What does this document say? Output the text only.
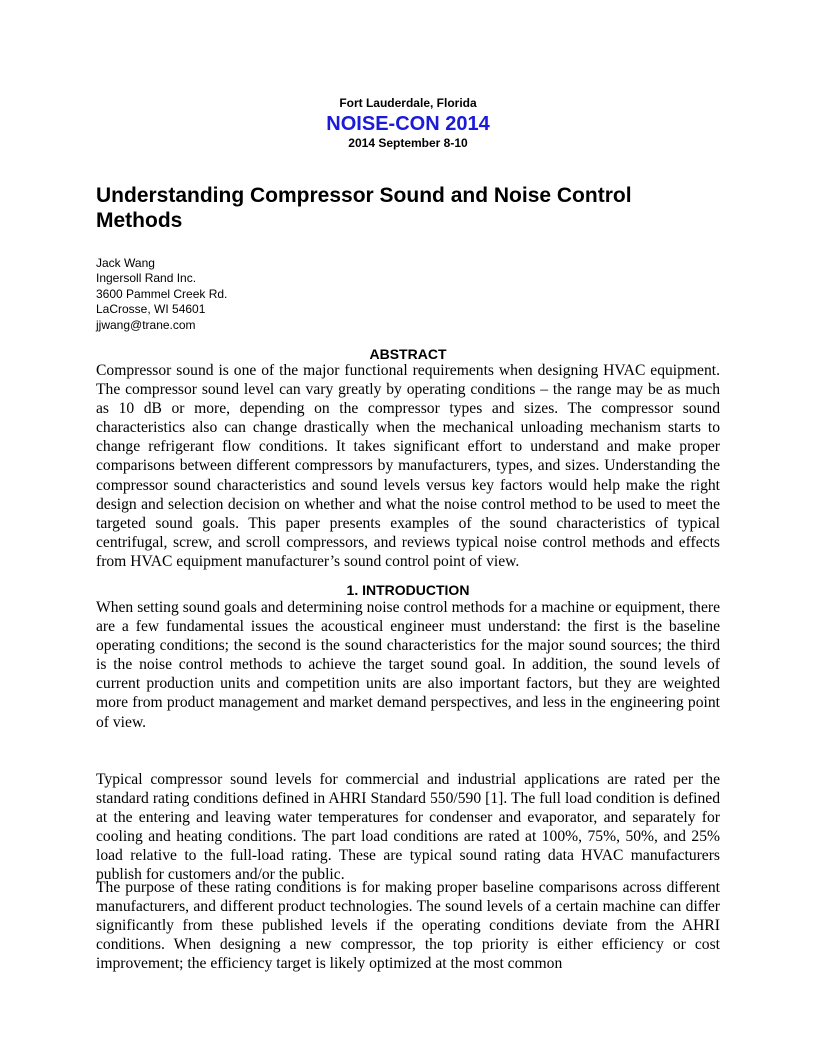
Fort Lauderdale, Florida
NOISE-CON 2014
2014 September 8-10
Understanding Compressor Sound and Noise Control Methods
Jack Wang
Ingersoll Rand Inc.
3600 Pammel Creek Rd.
LaCrosse, WI 54601
jjwang@trane.com
ABSTRACT

Compressor sound is one of the major functional requirements when designing HVAC equipment. The compressor sound level can vary greatly by operating conditions – the range may be as much as 10 dB or more, depending on the compressor types and sizes. The compressor sound characteristics also can change drastically when the mechanical unloading mechanism starts to change refrigerant flow conditions. It takes significant effort to understand and make proper comparisons between different compressors by manufacturers, types, and sizes. Understanding the compressor sound characteristics and sound levels versus key factors would help make the right design and selection decision on whether and what the noise control method to be used to meet the targeted sound goals. This paper presents examples of the sound characteristics of typical centrifugal, screw, and scroll compressors, and reviews typical noise control methods and effects from HVAC equipment manufacturer’s sound control point of view.

1. INTRODUCTION

When setting sound goals and determining noise control methods for a machine or equipment, there are a few fundamental issues the acoustical engineer must understand: the first is the baseline operating conditions; the second is the sound characteristics for the major sound sources; the third is the noise control methods to achieve the target sound goal. In addition, the sound levels of current production units and competition units are also important factors, but they are weighted more from product management and market demand perspectives, and less in the engineering point of view.

Typical compressor sound levels for commercial and industrial applications are rated per the standard rating conditions defined in AHRI Standard 550/590 [1]. The full load condition is defined at the entering and leaving water temperatures for condenser and evaporator, and separately for cooling and heating conditions. The part load conditions are rated at 100%, 75%, 50%, and 25% load relative to the full-load rating. These are typical sound rating data HVAC manufacturers publish for customers and/or the public.

The purpose of these rating conditions is for making proper baseline comparisons across different manufacturers, and different product technologies. The sound levels of a certain machine can differ significantly from these published levels if the operating conditions deviate from the AHRI conditions. When designing a new compressor, the top priority is either efficiency or cost improvement; the efficiency target is likely optimized at the most common
